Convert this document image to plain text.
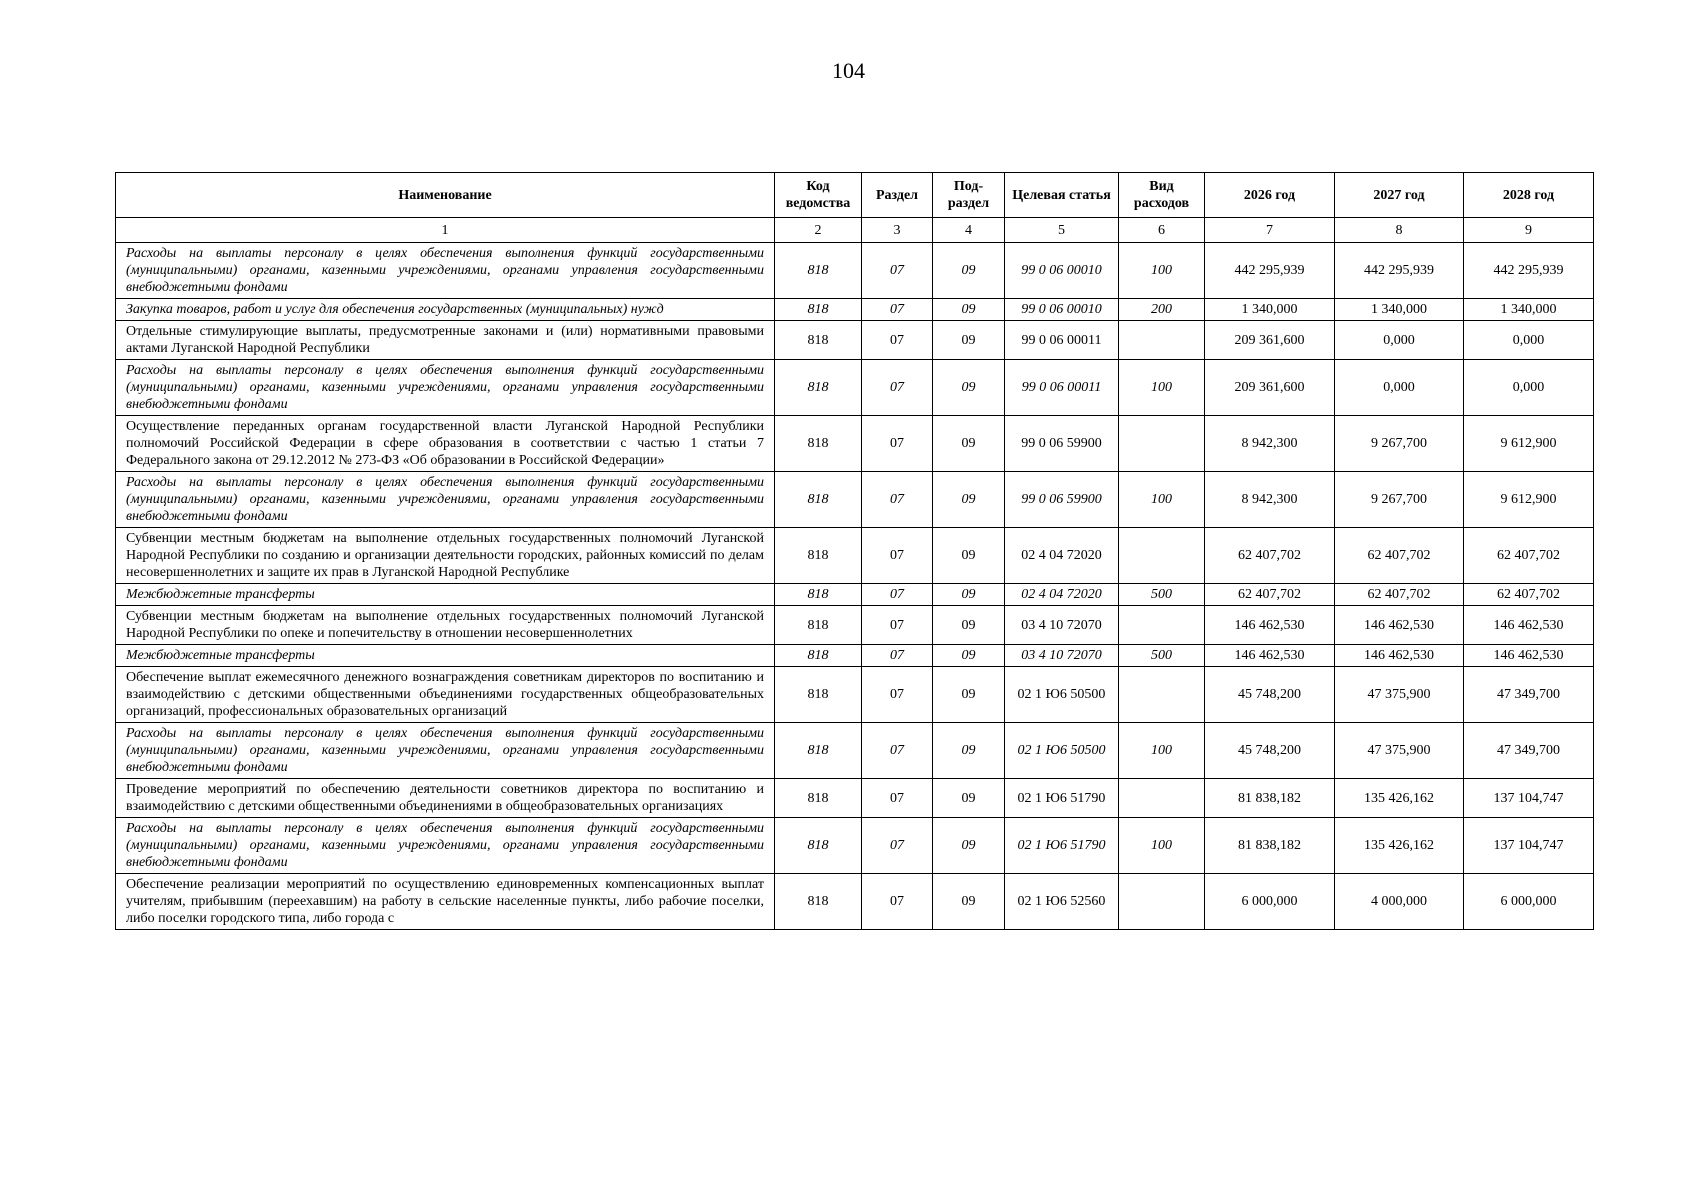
104
Наименование	Код ведомства	Раздел	Под-раздел	Целевая статья	Вид расходов	2026 год	2027 год	2028 год
1	2	3	4	5	6	7	8	9
Расходы на выплаты персоналу в целях обеспечения выполнения функций государственными (муниципальными) органами, казенными учреждениями, органами управления государственными внебюджетными фондами	818	07	09	99 0 06 00010	100	442 295,939	442 295,939	442 295,939
Закупка товаров, работ и услуг для обеспечения государственных (муниципальных) нужд	818	07	09	99 0 06 00010	200	1 340,000	1 340,000	1 340,000
Отдельные стимулирующие выплаты, предусмотренные законами и (или) нормативными правовыми актами Луганской Народной Республики	818	07	09	99 0 06 00011		209 361,600	0,000	0,000
Расходы на выплаты персоналу в целях обеспечения выполнения функций государственными (муниципальными) органами, казенными учреждениями, органами управления государственными внебюджетными фондами	818	07	09	99 0 06 00011	100	209 361,600	0,000	0,000
Осуществление переданных органам государственной власти Луганской Народной Республики полномочий Российской Федерации в сфере образования в соответствии с частью 1 статьи 7 Федерального закона от 29.12.2012 № 273-ФЗ «Об образовании в Российской Федерации»	818	07	09	99 0 06 59900		8 942,300	9 267,700	9 612,900
Расходы на выплаты персоналу в целях обеспечения выполнения функций государственными (муниципальными) органами, казенными учреждениями, органами управления государственными внебюджетными фондами	818	07	09	99 0 06 59900	100	8 942,300	9 267,700	9 612,900
Субвенции местным бюджетам на выполнение отдельных государственных полномочий Луганской Народной Республики по созданию и организации деятельности городских, районных комиссий по делам несовершеннолетних и защите их прав в Луганской Народной Республике	818	07	09	02 4 04 72020		62 407,702	62 407,702	62 407,702
Межбюджетные трансферты	818	07	09	02 4 04 72020	500	62 407,702	62 407,702	62 407,702
Субвенции местным бюджетам на выполнение отдельных государственных полномочий Луганской Народной Республики по опеке и попечительству в отношении несовершеннолетних	818	07	09	03 4 10 72070		146 462,530	146 462,530	146 462,530
Межбюджетные трансферты	818	07	09	03 4 10 72070	500	146 462,530	146 462,530	146 462,530
Обеспечение выплат ежемесячного денежного вознаграждения советникам директоров по воспитанию и взаимодействию с детскими общественными объединениями государственных общеобразовательных организаций, профессиональных образовательных организаций	818	07	09	02 1 Ю6 50500		45 748,200	47 375,900	47 349,700
Расходы на выплаты персоналу в целях обеспечения выполнения функций государственными (муниципальными) органами, казенными учреждениями, органами управления государственными внебюджетными фондами	818	07	09	02 1 Ю6 50500	100	45 748,200	47 375,900	47 349,700
Проведение мероприятий по обеспечению деятельности советников директора по воспитанию и взаимодействию с детскими общественными объединениями в общеобразовательных организациях	818	07	09	02 1 Ю6 51790		81 838,182	135 426,162	137 104,747
Расходы на выплаты персоналу в целях обеспечения выполнения функций государственными (муниципальными) органами, казенными учреждениями, органами управления государственными внебюджетными фондами	818	07	09	02 1 Ю6 51790	100	81 838,182	135 426,162	137 104,747
Обеспечение реализации мероприятий по осуществлению единовременных компенсационных выплат учителям, прибывшим (переехавшим) на работу в сельские населенные пункты, либо рабочие поселки, либо поселки городского типа, либо города с	818	07	09	02 1 Ю6 52560		6 000,000	4 000,000	6 000,000
